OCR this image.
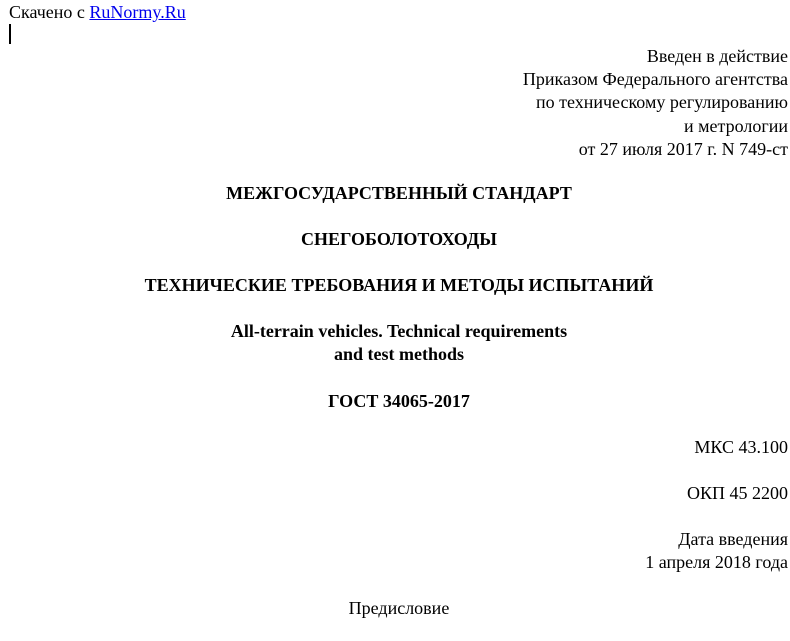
Скачено с RuNormy.Ru
Введен в действие
Приказом Федерального агентства
по техническому регулированию
и метрологии
от 27 июля 2017 г. N 749-ст
МЕЖГОСУДАРСТВЕННЫЙ СТАНДАРТ
СНЕГОБОЛОТОХОДЫ
ТЕХНИЧЕСКИЕ ТРЕБОВАНИЯ И МЕТОДЫ ИСПЫТАНИЙ
All-terrain vehicles. Technical requirements
and test methods
ГОСТ 34065-2017
МКС 43.100
ОКП 45 2200
Дата введения
1 апреля 2018 года
Предисловие
